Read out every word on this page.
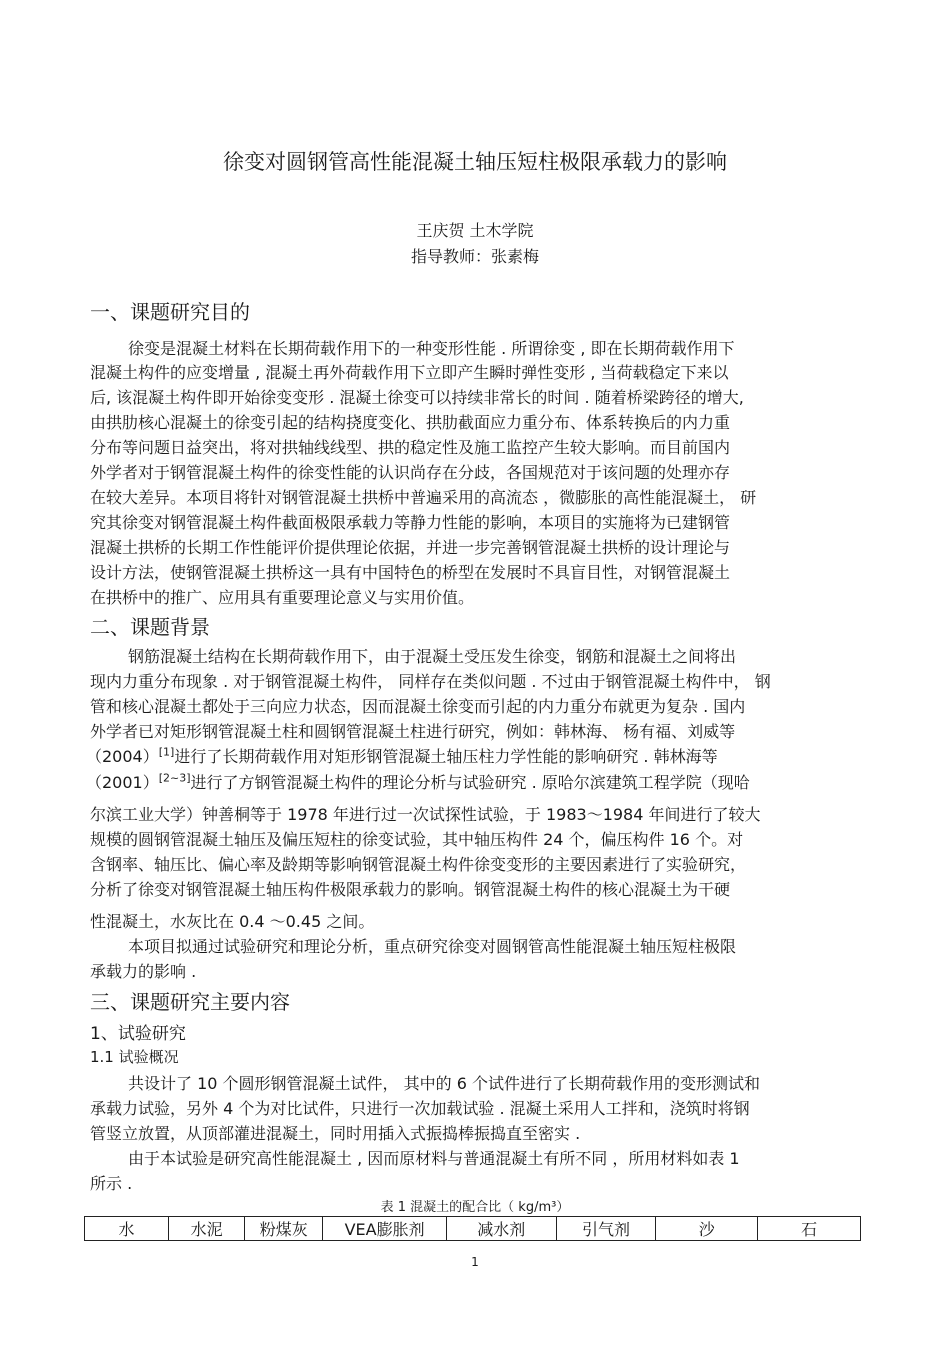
徐变对圆钢管高性能混凝土轴压短柱极限承载力的影响
王庆贺 土木学院
指导教师：张素梅
一、课题研究目的
徐变是混凝土材料在长期荷载作用下的一种变形性能 . 所谓徐变 , 即在长期荷载作用下
混凝土构件的应变增量 , 混凝土再外荷载作用下立即产生瞬时弹性变形 , 当荷载稳定下来以
后, 该混凝土构件即开始徐变变形 . 混凝土徐变可以持续非常长的时间 . 随着桥梁跨径的增大,
由拱肋核心混凝土的徐变引起的结构挠度变化、拱肋截面应力重分布、体系转换后的内力重
分布等问题日益突出，将对拱轴线线型、拱的稳定性及施工监控产生较大影响。而目前国内
外学者对于钢管混凝土构件的徐变性能的认识尚存在分歧，各国规范对于该问题的处理亦存
在较大差异。本项目将针对钢管混凝土拱桥中普遍采用的高流态 ，微膨胀的高性能混凝土， 研
究其徐变对钢管混凝土构件截面极限承载力等静力性能的影响，本项目的实施将为已建钢管
混凝土拱桥的长期工作性能评价提供理论依据，并进一步完善钢管混凝土拱桥的设计理论与
设计方法，使钢管混凝土拱桥这一具有中国特色的桥型在发展时不具盲目性，对钢管混凝土
在拱桥中的推广、应用具有重要理论意义与实用价值。
二、课题背景
钢筋混凝土结构在长期荷载作用下，由于混凝土受压发生徐变，钢筋和混凝土之间将出
现内力重分布现象 . 对于钢管混凝土构件， 同样存在类似问题 . 不过由于钢管混凝土构件中， 钢
管和核心混凝土都处于三向应力状态，因而混凝土徐变而引起的内力重分布就更为复杂 . 国内
外学者已对矩形钢管混凝土柱和圆钢管混凝土柱进行研究，例如：韩林海、 杨有福、刘威等
（2004）[1]进行了长期荷载作用对矩形钢管混凝土轴压柱力学性能的影响研究 . 韩林海等
（2001）[2~3]进行了方钢管混凝土构件的理论分析与试验研究 . 原哈尔滨建筑工程学院（现哈
尔滨工业大学）钟善桐等于 1978 年进行过一次试探性试验，于 1983～1984 年间进行了较大
规模的圆钢管混凝土轴压及偏压短柱的徐变试验，其中轴压构件 24 个，偏压构件 16 个。对
含钢率、轴压比、偏心率及龄期等影响钢管混凝土构件徐变变形的主要因素进行了实验研究，
分析了徐变对钢管混凝土轴压构件极限承载力的影响。钢管混凝土构件的核心混凝土为干硬
性混凝土，水灰比在 0.4 ～0.45 之间。
本项目拟通过试验研究和理论分析，重点研究徐变对圆钢管高性能混凝土轴压短柱极限
承载力的影响 .
三、课题研究主要内容
1、试验研究
1.1 试验概况
共设计了 10 个圆形钢管混凝土试件， 其中的 6 个试件进行了长期荷载作用的变形测试和
承载力试验，另外 4 个为对比试件，只进行一次加载试验 . 混凝土采用人工拌和，浇筑时将钢
管竖立放置，从顶部灌进混凝土，同时用插入式振捣棒振捣直至密实 .
由于本试验是研究高性能混凝土 , 因而原材料与普通混凝土有所不同 ，所用材料如表 1
所示 .
表 1 混凝土的配合比（ kg/m³）
水	水泥	粉煤灰	VEA膨胀剂	减水剂	引气剂	沙	石
1
